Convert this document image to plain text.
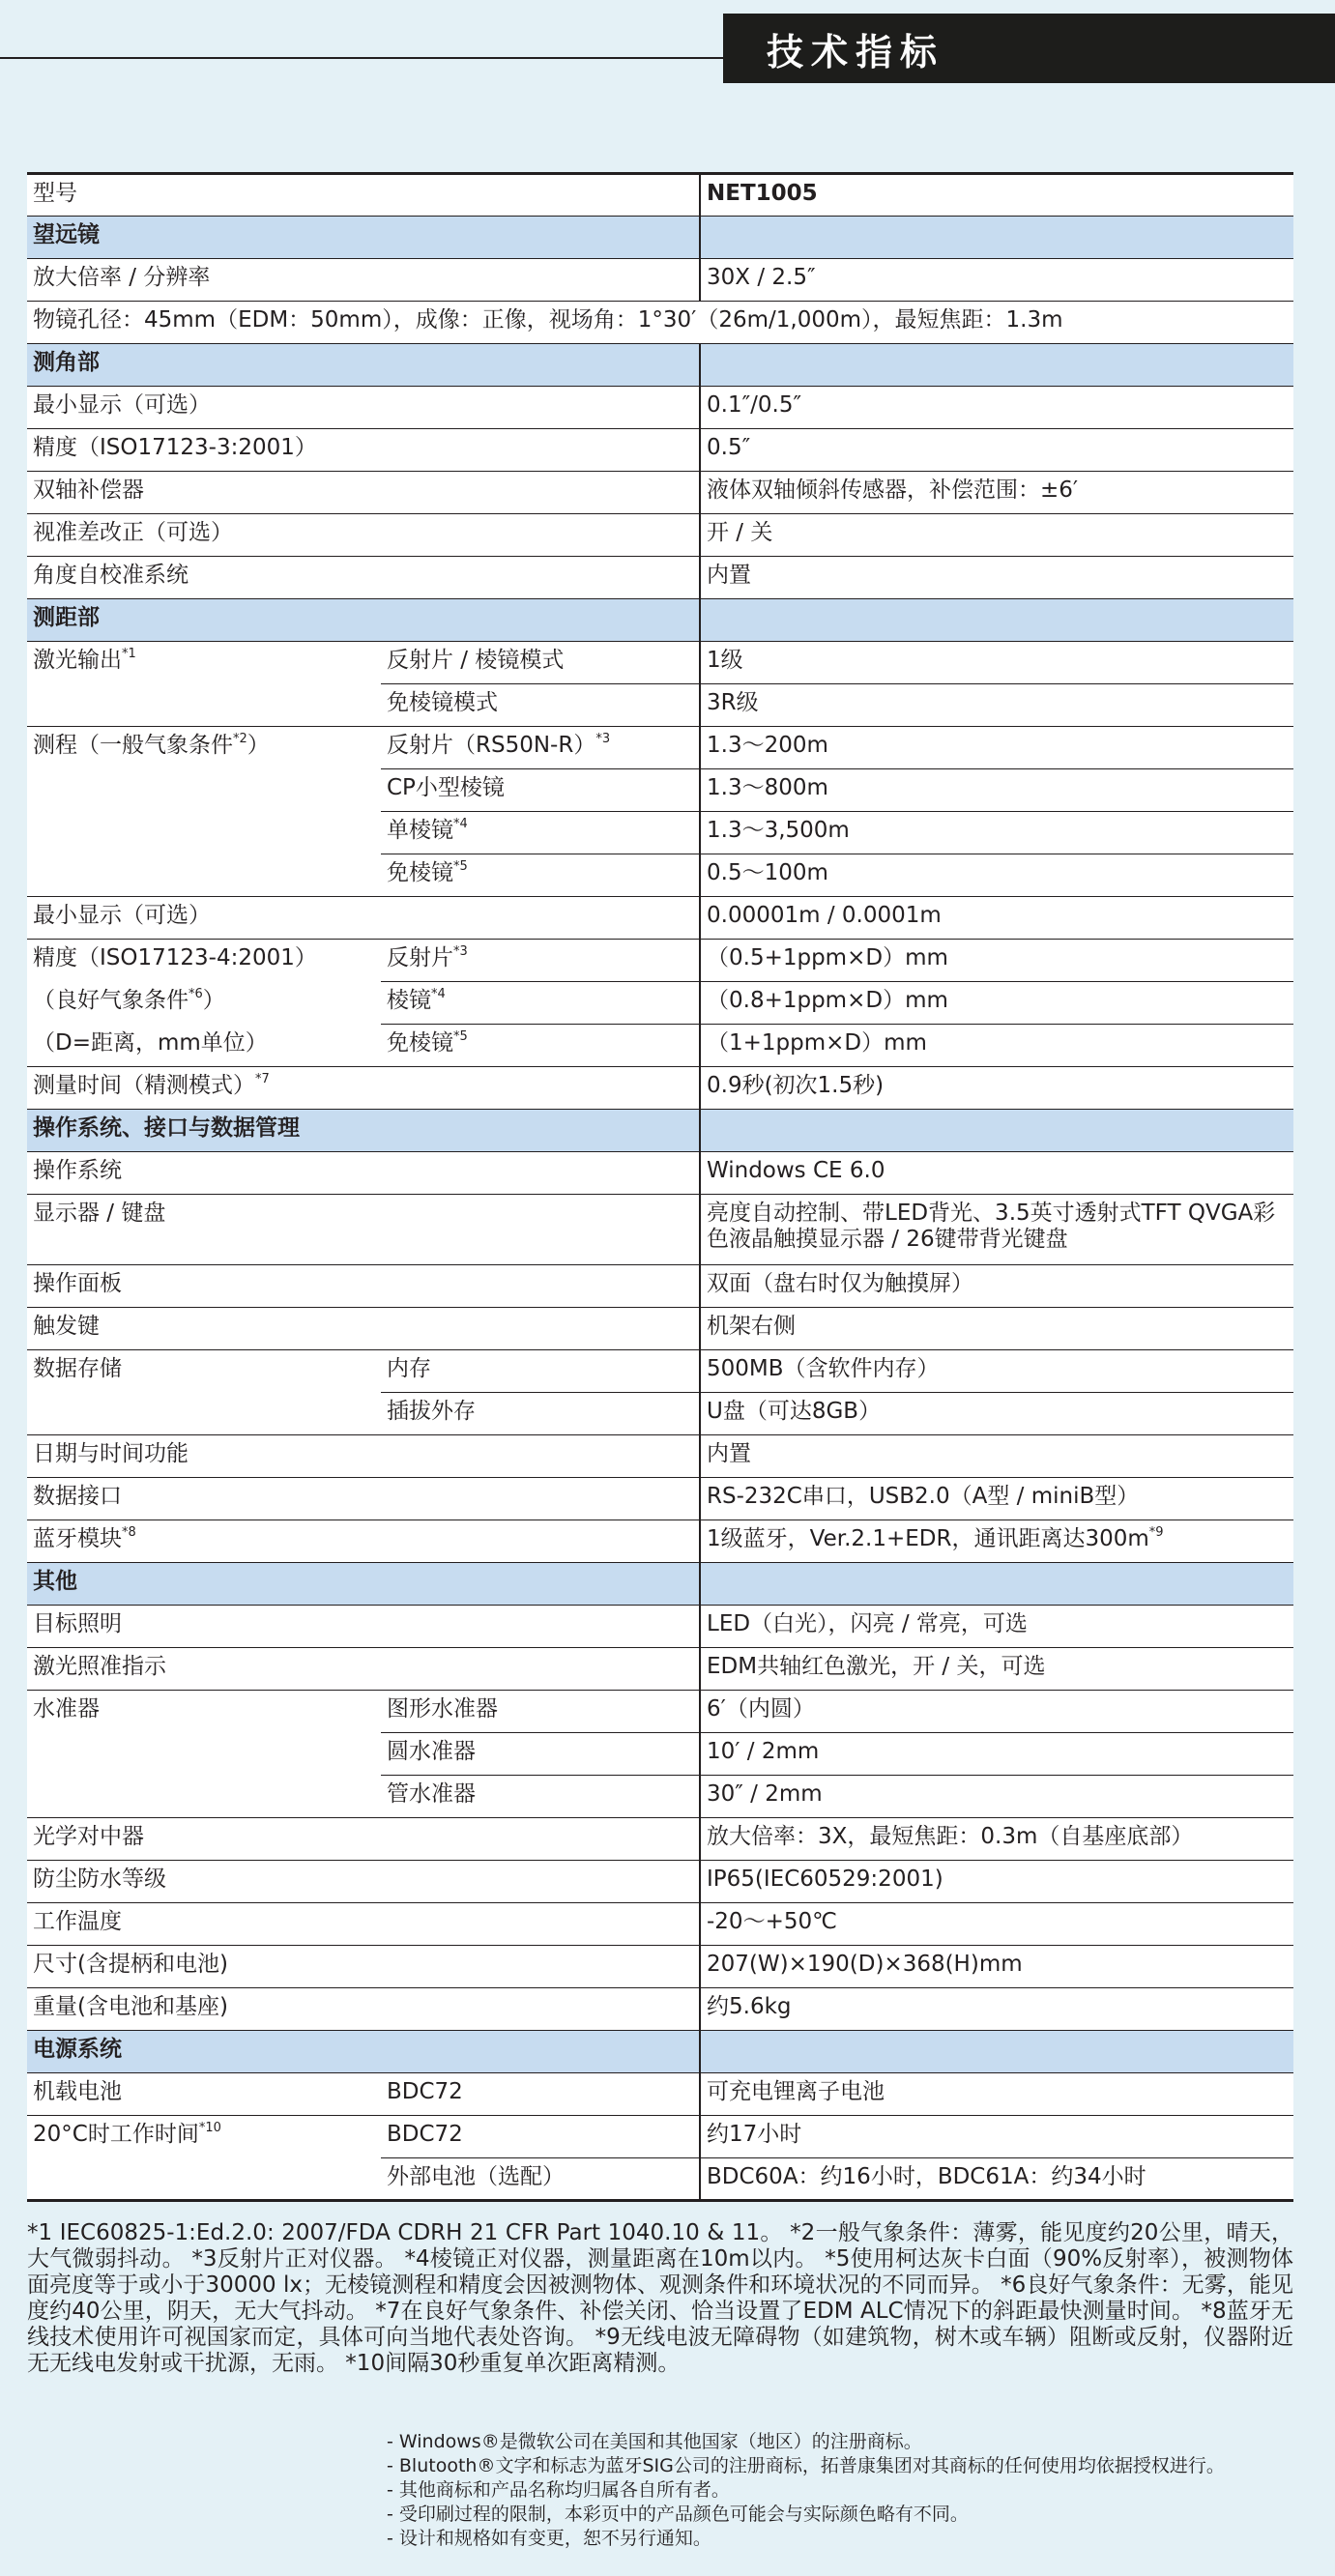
技术指标
型号		NET1005
望远镜		
放大倍率 / 分辨率		30X / 2.5″
物镜孔径：45mm（EDM：50mm），成像：正像，视场角：1°30′（26m/1,000m），最短焦距：1.3m		
测角部		
最小显示（可选）		0.1″/0.5″
精度（ISO17123-3:2001）		0.5″
双轴补偿器		液体双轴倾斜传感器，补偿范围：±6′
视准差改正（可选）		开 / 关
角度自校准系统		内置
测距部		
激光输出$^{*1}$	反射片 / 棱镜模式	1级
	免棱镜模式	3R级
测程（一般气象条件$^{*2}$）	反射片$(RS50N-R)^{*3}$	1.3～200m
	CP小型棱镜	1.3～800m
	单棱镜$^{*4}$	1.3～3,500m
	免棱镜$^{*5}$	0.5～100m
最小显示（可选）		0.00001m / 0.0001m
精度（ISO17123-4:2001）	反射片$^{*3}$	（0.5+1ppm×D）mm
（良好气象条件$^{*6}$）	棱镜$^{*4}$	（0.8+1ppm×D）mm
（D=距离，mm单位）	免棱镜$^{*5}$	（1+1ppm×D）mm
测量时间（精测模式）$^{*7}$		0.9秒(初次1.5秒)
操作系统、接口与数据管理		
操作系统		Windows CE 6.0
显示器 / 键盘		亮度自动控制、带LED背光、3.5英寸透射式TFT QVGA彩色液晶触摸显示器 / 26键带背光键盘
操作面板		双面（盘右时仅为触摸屏）
触发键		机架右侧
数据存储	内存	500MB（含软件内存）
	插拔外存	U盘（可达8GB）
日期与时间功能		内置
数据接口		RS-232C串口，USB2.0（A型 / miniB型）
蓝牙模块$^{*8}$		1级蓝牙，Ver.2.1+EDR，通讯距离达$300m^{*9}$
其他		
目标照明		LED（白光），闪亮 / 常亮，可选
激光照准指示		EDM共轴红色激光，开 / 关，可选
水准器	图形水准器	6′（内圆）
	圆水准器	10′ / 2mm
	管水准器	30″ / 2mm
光学对中器		放大倍率：3X，最短焦距：0.3m（自基座底部）
防尘防水等级		IP65(IEC60529:2001)
工作温度		-20～+50℃
尺寸(含提柄和电池)		207(W)×190(D)×368(H)mm
重量(含电池和基座)		约5.6kg
电源系统		
机载电池	BDC72	可充电锂离子电池
20°C时工作时间$^{*10}$	BDC72	约17小时
	外部电池（选配）	BDC60A：约16小时，BDC61A：约34小时
*1 IEC60825-1:Ed.2.0: 2007/FDA CDRH 21 CFR Part 1040.10 & 11。 *2一般气象条件：薄雾，能见度约20公里，晴天，大气微弱抖动。 *3反射片正对仪器。 *4棱镜正对仪器，测量距离在10m以内。 *5使用柯达灰卡白面（90%反射率），被测物体面亮度等于或小于30000 lx；无棱镜测程和精度会因被测物体、观测条件和环境状况的不同而异。 *6良好气象条件：无雾，能见度约40公里，阴天，无大气抖动。 *7在良好气象条件、补偿关闭、恰当设置了EDM ALC情况下的斜距最快测量时间。 *8蓝牙无线技术使用许可视国家而定，具体可向当地代表处咨询。 *9无线电波无障碍物（如建筑物，树木或车辆）阻断或反射，仪器附近无无线电发射或干扰源，无雨。 *10间隔30秒重复单次距离精测。
- Windows®是微软公司在美国和其他国家（地区）的注册商标。
- Blutooth®文字和标志为蓝牙SIG公司的注册商标，拓普康集团对其商标的任何使用均依据授权进行。
- 其他商标和产品名称均归属各自所有者。
- 受印刷过程的限制，本彩页中的产品颜色可能会与实际颜色略有不同。
- 设计和规格如有变更，恕不另行通知。
